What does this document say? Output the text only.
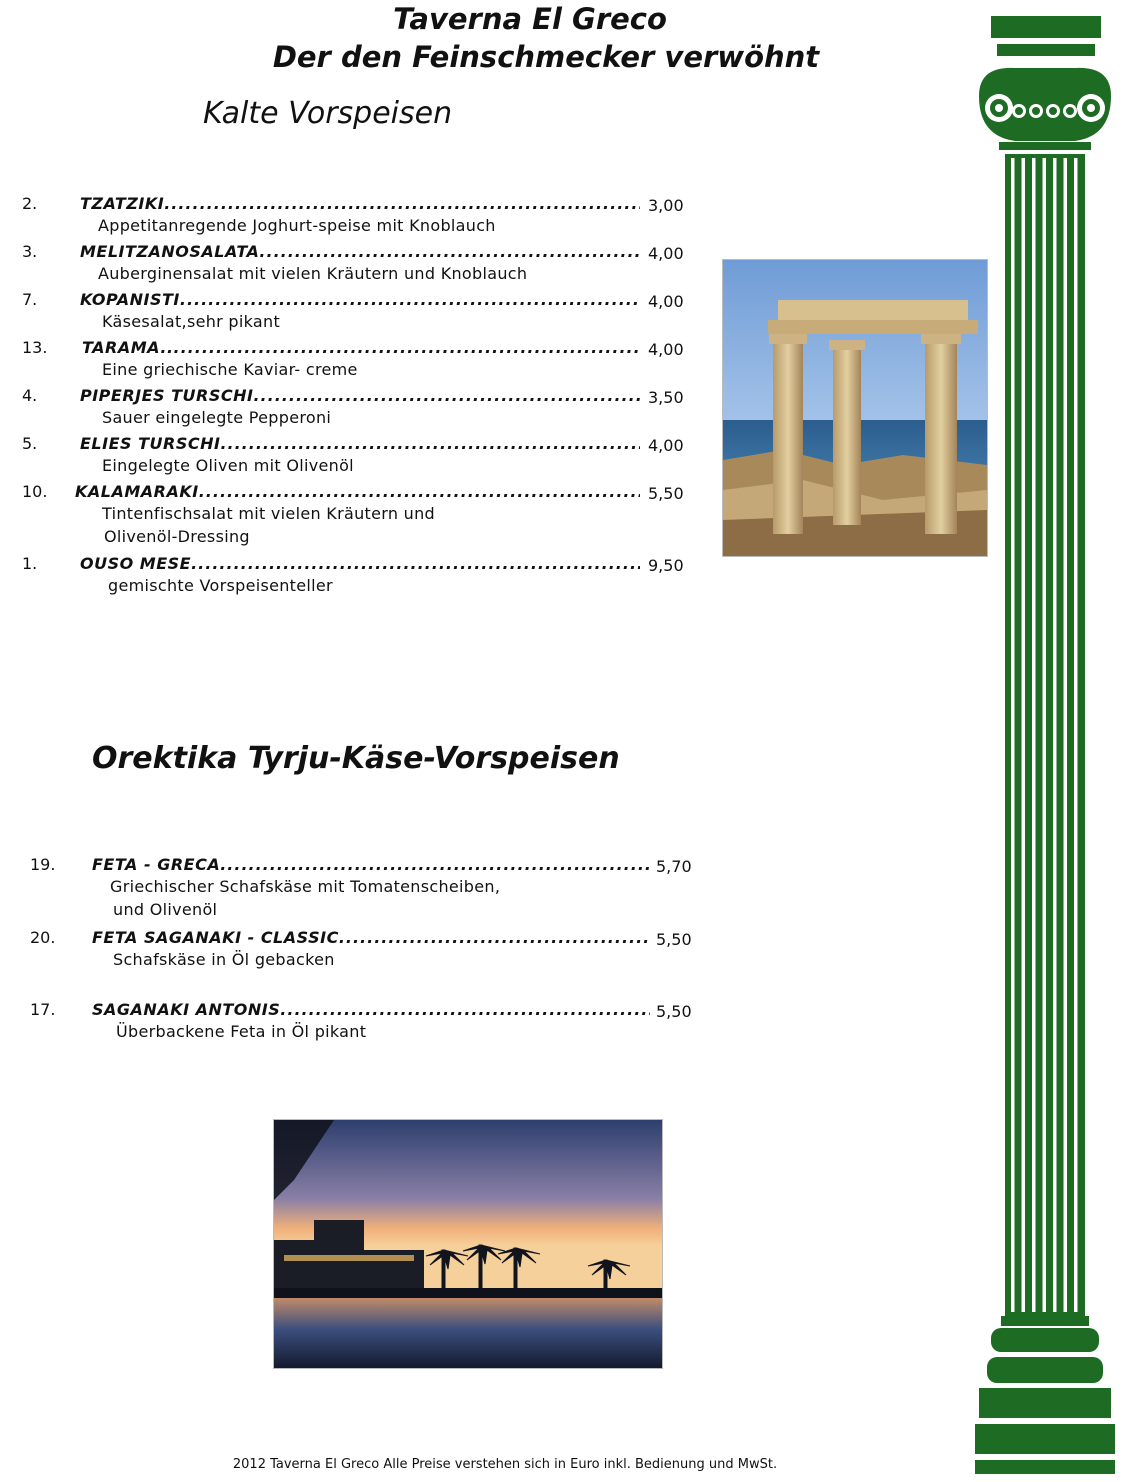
Taverna El Greco
Der den Feinschmecker verwöhnt
Kalte Vorspeisen
2.	TZATZIKI .....	3,00
Appetitanregende Joghurt-speise mit Knoblauch
3.	MELITZANOSALATA .....	4,00
Auberginensalat mit vielen Kräutern und Knoblauch
7.	KOPANISTI .....	4,00
Käsesalat,sehr pikant
13. TARAMA.. .....	4,00
Eine griechische Kaviar- creme
4.	PIPERJES TURSCHI .....	3,50
Sauer eingelegte Pepperoni
5.	ELIES TURSCHI .....	4,00
Eingelegte Oliven mit Olivenöl
10. KALAMARAKI .....	5,50
Tintenfischsalat mit vielen Kräutern und
Olivenöl-Dressing
1.	OUSO MESE .....	9,50
gemischte Vorspeisenteller
Orektika Tyrju-Käse-Vorspeisen
19. FETA - GRECA .....	5,70
Griechischer Schafskäse mit Tomatenscheiben,
und Olivenöl
20. FETA SAGANAKI - CLASSIC .....	5,50
Schafskäse in Öl gebacken
17. SAGANAKI ANTONIS .....	5,50
Überbackene Feta in Öl pikant
2012 Taverna El Greco Alle Preise verstehen sich in Euro inkl. Bedienung und MwSt.
